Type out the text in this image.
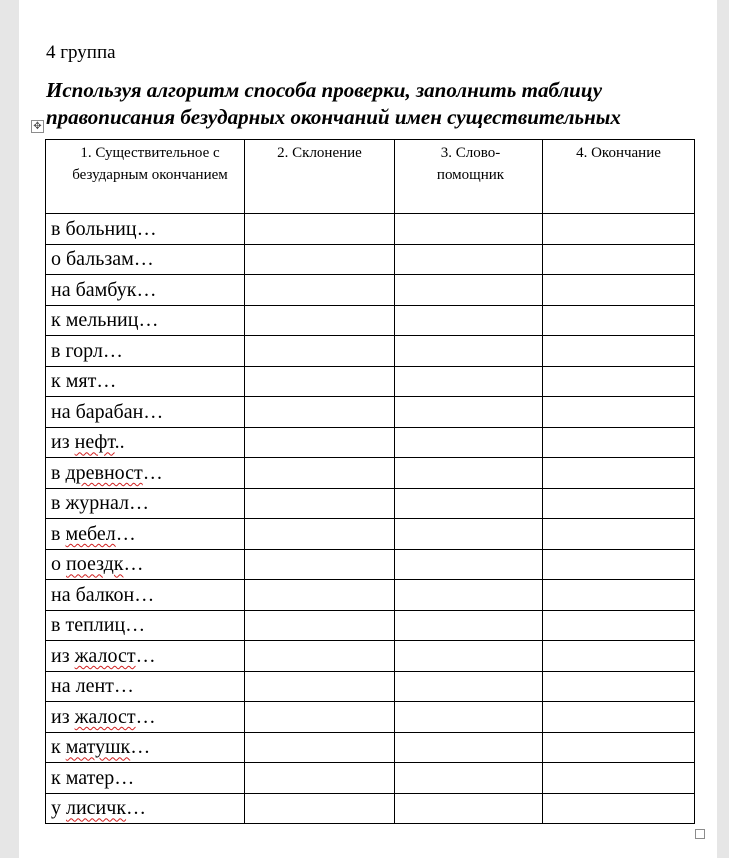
4 группа
Используя алгоритм способа проверки, заполнить таблицу
правописания безударных окончаний имен существительных
✥
1. Существительное с безударным окончанием	2. Склонение	3. Слово-помощник	4. Окончание
в больниц…			
о бальзам…			
на бамбук…			
к мельниц…			
в горл…			
к мят…			
на барабан…			
из нефт..			
в древност…			
в журнал…			
в мебел…			
о поездк…			
на балкон…			
в теплиц…			
из жалост…			
на лент…			
из жалост…			
к матушк…			
к матер…			
у лисичк…			
